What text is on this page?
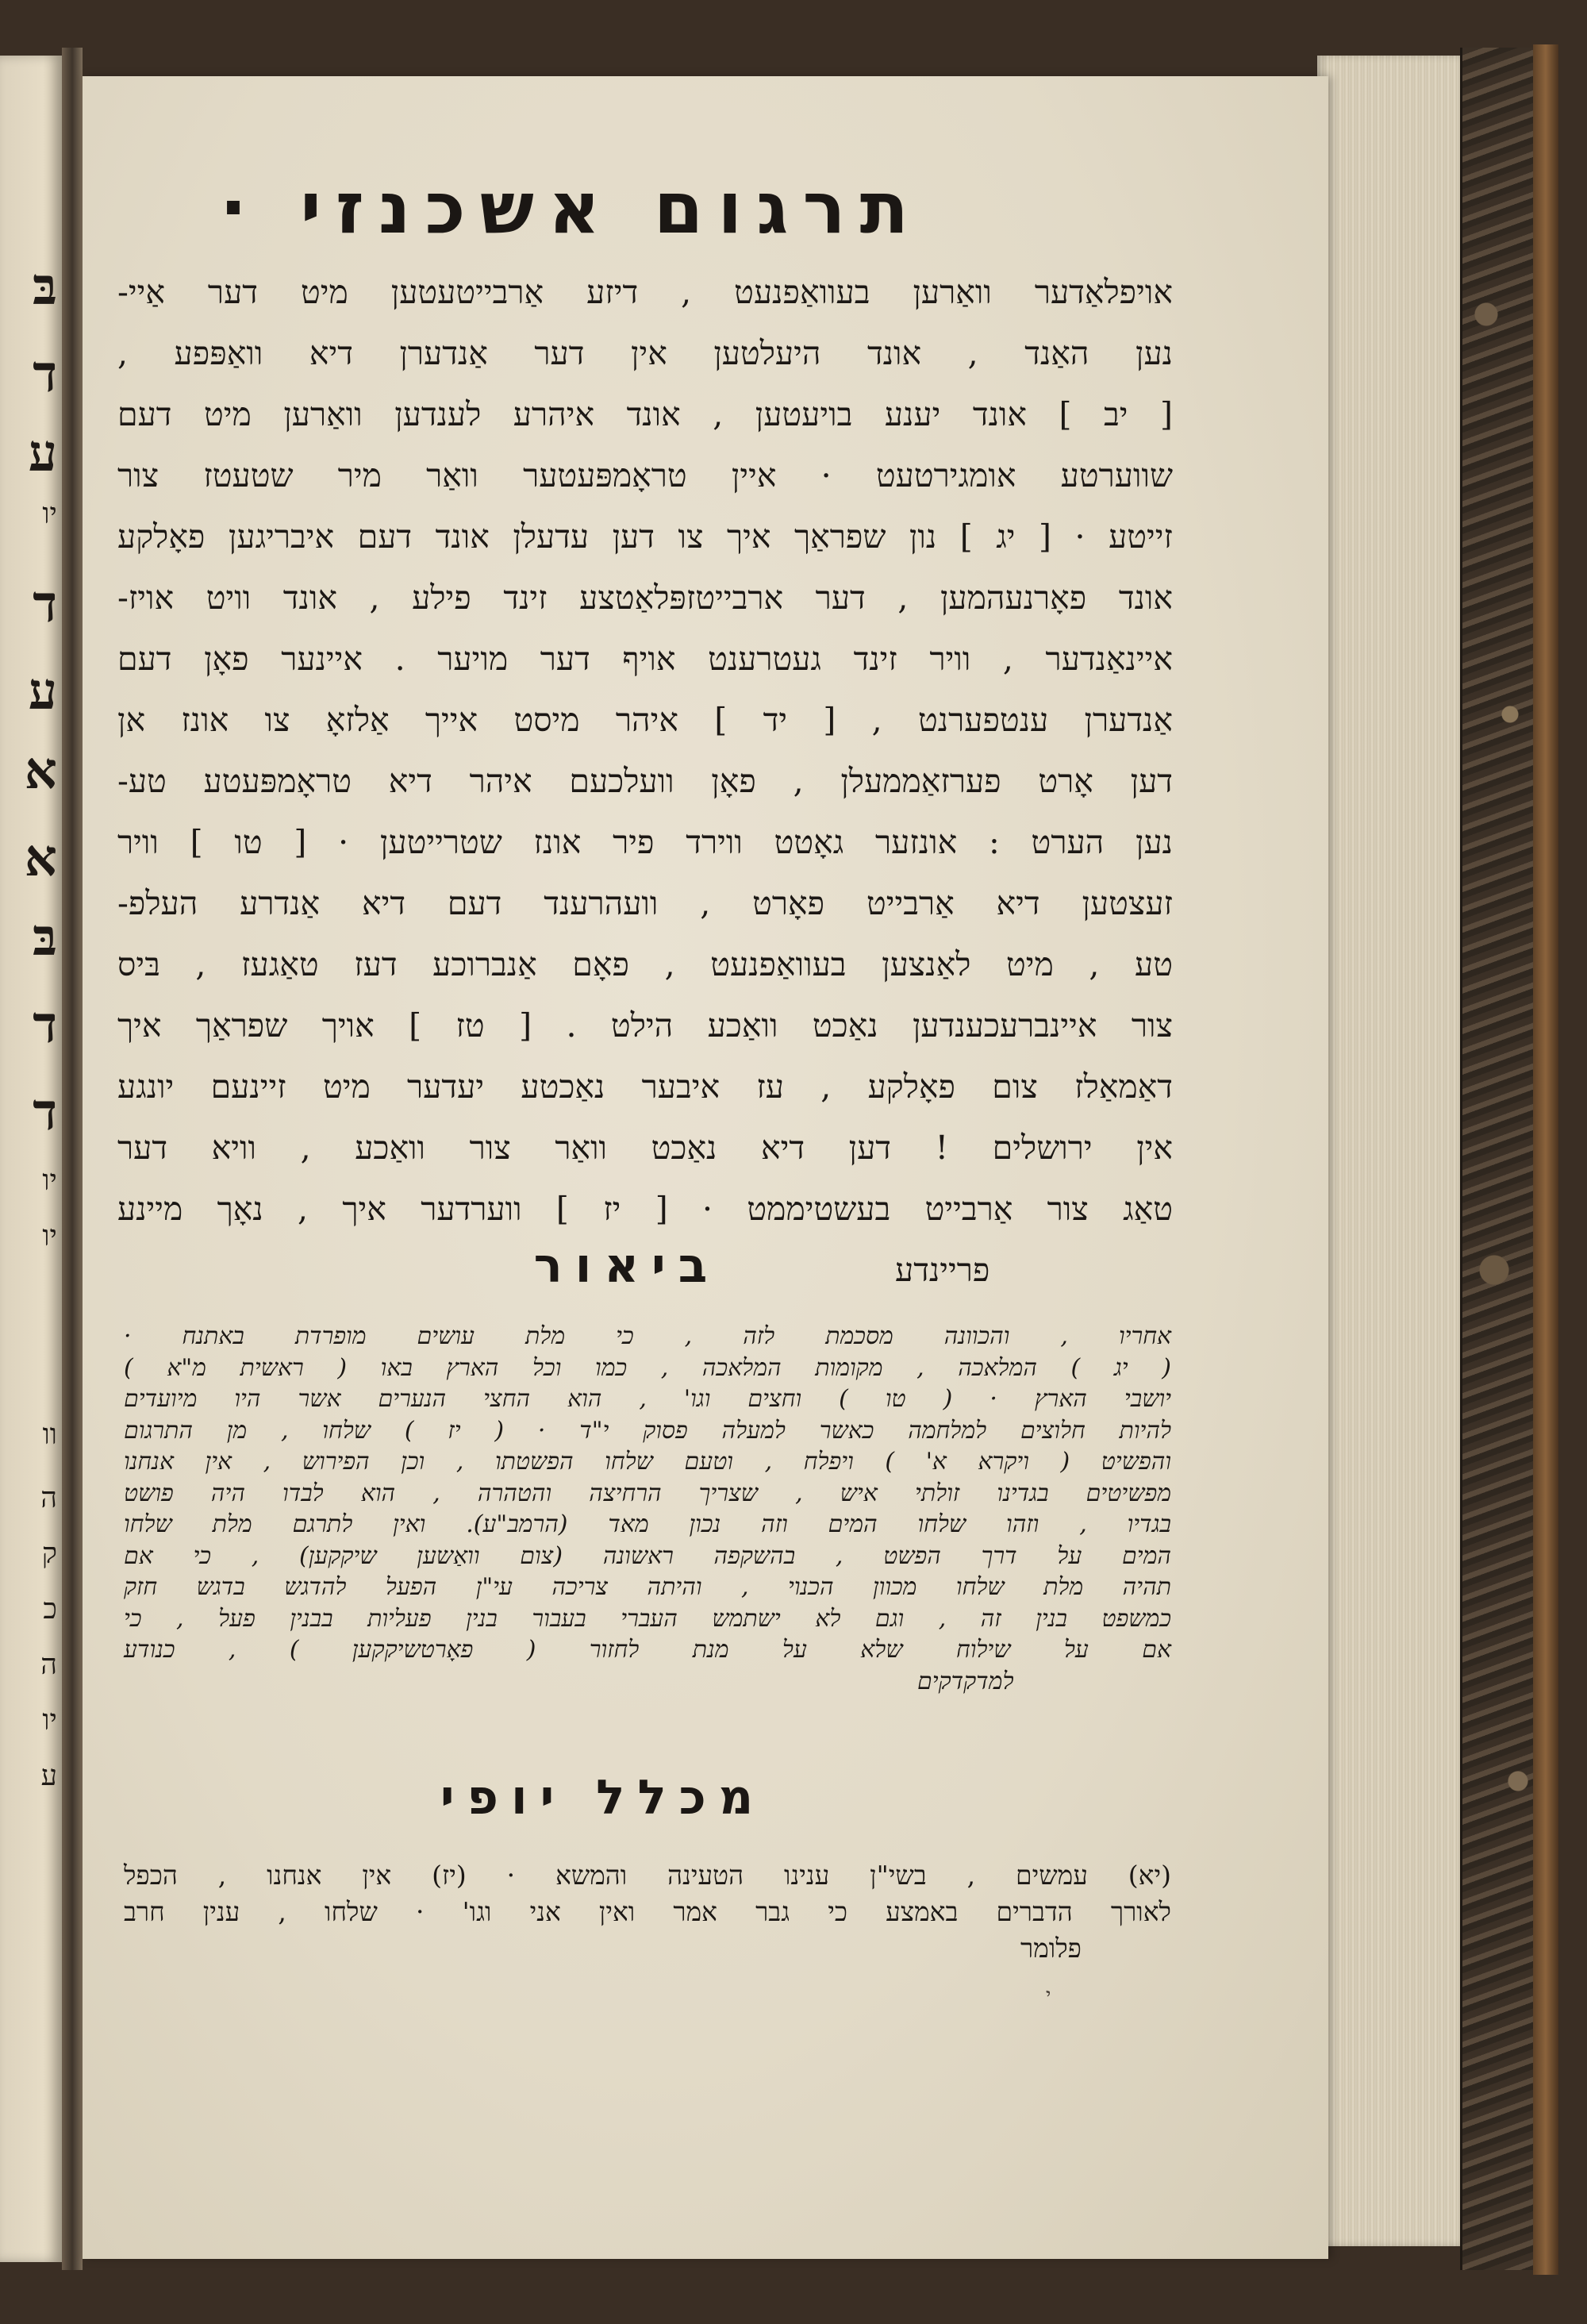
בּ
ד
ע
יו
ד
ע
א
א
בּ
ד
ד
יו
יו
וו
ה
ק
כ
ה
יו
ע
תרגום אשכנזי ·
אויפלאַדער וואַרען בעוואַפנעט , דיזע אַרבייטעטען מיט דער אַיי-
נען האַנד , אונד היעלטען אין דער אַנדערן דיא וואַפּפע ,
[ יב ] אונד יענע בויעטען , אונד איהרע לענדען וואַרען מיט דעם
שווערטע אומגירטעט · איין טראָמפּעטער וואַר מיר שטעטז צור
זייטע · [ יג ] נון שפראַך איך צו דען עדעלן אונד דעם איבריגען פאָלקע
אונד פאָרנעהמען , דער ארבייטזפּלאַטצע זינד פילע , אונד וויט אויז-
איינאַנדער , וויר זינד געטרענט אויף דער מויער . איינער פאָן דעם
אַנדערן ענטפערנט , [ יד ] איהר מיסט אייך אַלזאָ צו אונז אן
דען אָרט פערזאַממעלן , פאָן וועלכעם איהר דיא טראָמפּעטע טע-
נען הערט : אונזער גאָטט ווירד פיר אונז שטרייטען · [ טו ] וויר
זעצטען דיא אַרבייט פאָרט , וועהרענד דעם דיא אַנדרע העלפ-
טע , מיט לאַנצען בעוואַפנעט , פאָם אַנברוכע דעז טאַגעז , בּיס
צור איינברעכענדען נאַכט וואַכע הילט . [ טז ] אויך שפראַך איך
דאַמאַלז צום פאָלקע , עז איבער נאַכטע יעדער מיט זיינעם יונגע
אין ירושלים ! דען דיא נאַכט וואַר צור וואַכע , וויא דער
טאַג צור אַרבייט בעשטיממט · [ יז ] ווערדער איך , נאָך מיינע
פריינדע
ביאור
אחריו , והכוונה מסכמת לזה , כי מלת עושים מופרדת באתנח ·
( יג ) המלאכה , מקומות המלאכה , כמו וכל הארץ באו ( ראשית מ"א )
יושבי הארץ · ( טו ) וחצים וגו' , הוא החצי הנערים אשר היו מיועדים
להיות חלוצים למלחמה כאשר למעלה פסוק י"ד · ( יז ) שלחו , מן התרגום
והפשיט ( ויקרא א' ) ויפלח , וטעם שלחו הפשטתו , וכן הפירוש , אין אנחנו
מפשיטים בגדינו זולתי איש , שצריך הרחיצה והטהרה , הוא לבדו היה פושט
בגדיו , וזהו שלחו המים וזה נכון מאד (הרמב"ע). ואין לתרגם מלת שלחו
המים על דרך הפשט , בהשקפה ראשונה (צום וואַשען שיקקען) , כי אם
תהיה מלת שלחו מכוון הכנוי , והיתה צריכה עי"ן הפעל להדגש בדגש חזק
כמשפט בנין זה , וגם לא ישתמש העברי בעבור בנין פעליות בבנין פעל , כי
אם על שילוח שלא על מנת לחזור ( פאָרטשיקקען ) , כנודע
למדקדקים
מכלל יופי
(יא) עמשים , בשי"ן ענינו הטעינה והמשא · (יז) אין אנחנו , הכפל
לאורך הדברים באמצע כי גבר אמר ואין אני וגו' · שלחו , ענין חרב
פלומר
י
